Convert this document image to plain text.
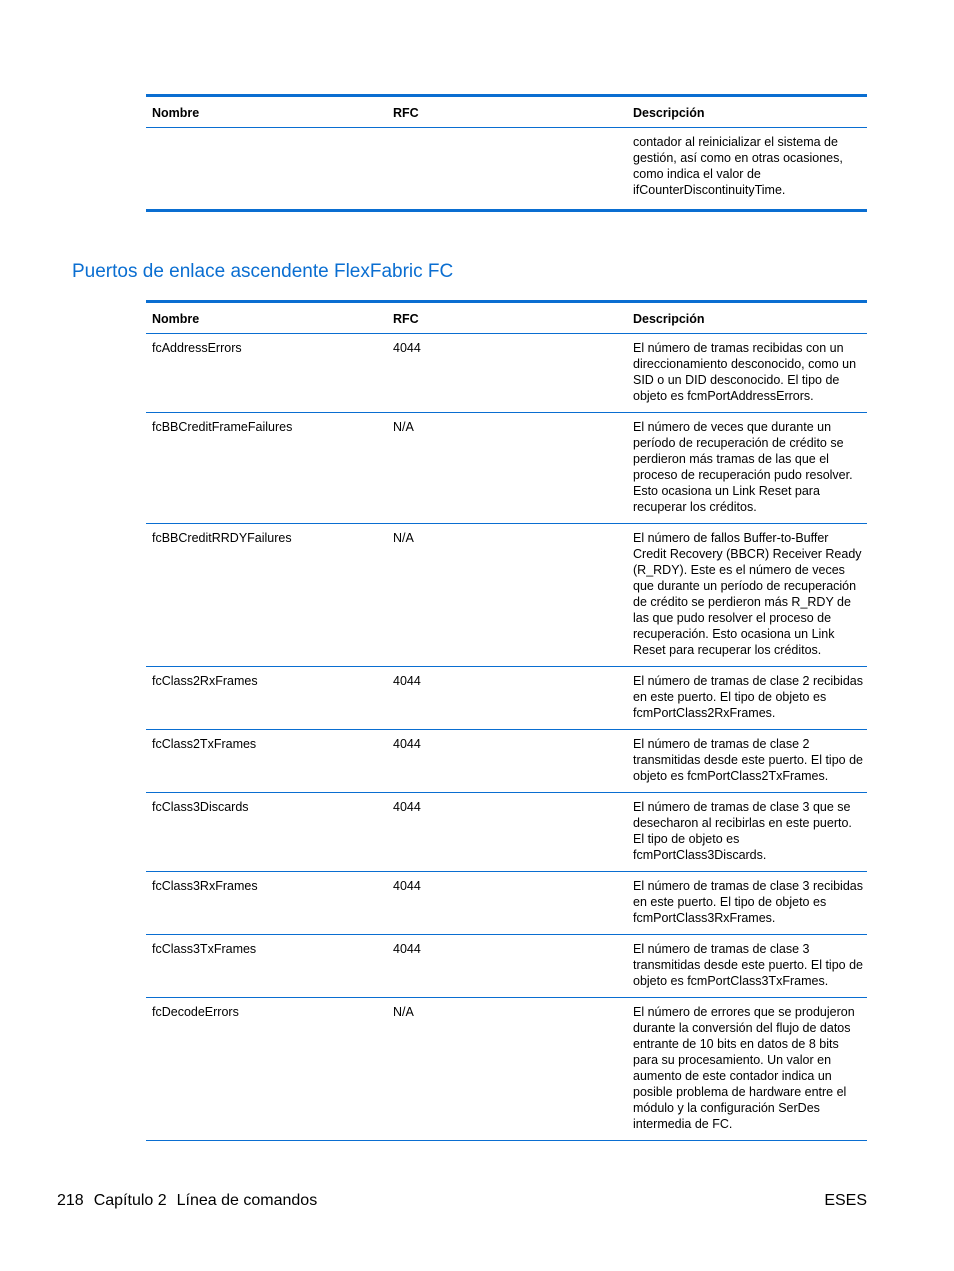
Nombre	RFC	Descripción
		contador al reinicializar el sistema de gestión, así como en otras ocasiones, como indica el valor de ifCounterDiscontinuityTime.
Puertos de enlace ascendente FlexFabric FC
Nombre	RFC	Descripción
fcAddressErrors	4044	El número de tramas recibidas con un direccionamiento desconocido, como un SID o un DID desconocido. El tipo de objeto es fcmPortAddressErrors.
fcBBCreditFrameFailures	N/A	El número de veces que durante un período de recuperación de crédito se perdieron más tramas de las que el proceso de recuperación pudo resolver. Esto ocasiona un Link Reset para recuperar los créditos.
fcBBCreditRRDYFailures	N/A	El número de fallos Buffer-to-Buffer Credit Recovery (BBCR) Receiver Ready (R_RDY). Este es el número de veces que durante un período de recuperación de crédito se perdieron más R_RDY de las que pudo resolver el proceso de recuperación. Esto ocasiona un Link Reset para recuperar los créditos.
fcClass2RxFrames	4044	El número de tramas de clase 2 recibidas en este puerto. El tipo de objeto es fcmPortClass2RxFrames.
fcClass2TxFrames	4044	El número de tramas de clase 2 transmitidas desde este puerto. El tipo de objeto es fcmPortClass2TxFrames.
fcClass3Discards	4044	El número de tramas de clase 3 que se desecharon al recibirlas en este puerto. El tipo de objeto es fcmPortClass3Discards.
fcClass3RxFrames	4044	El número de tramas de clase 3 recibidas en este puerto. El tipo de objeto es fcmPortClass3RxFrames.
fcClass3TxFrames	4044	El número de tramas de clase 3 transmitidas desde este puerto. El tipo de objeto es fcmPortClass3TxFrames.
fcDecodeErrors	N/A	El número de errores que se produjeron durante la conversión del flujo de datos entrante de 10 bits en datos de 8 bits para su procesamiento. Un valor en aumento de este contador indica un posible problema de hardware entre el módulo y la configuración SerDes intermedia de FC.
218 Capítulo 2 Línea de comandos	ESES
